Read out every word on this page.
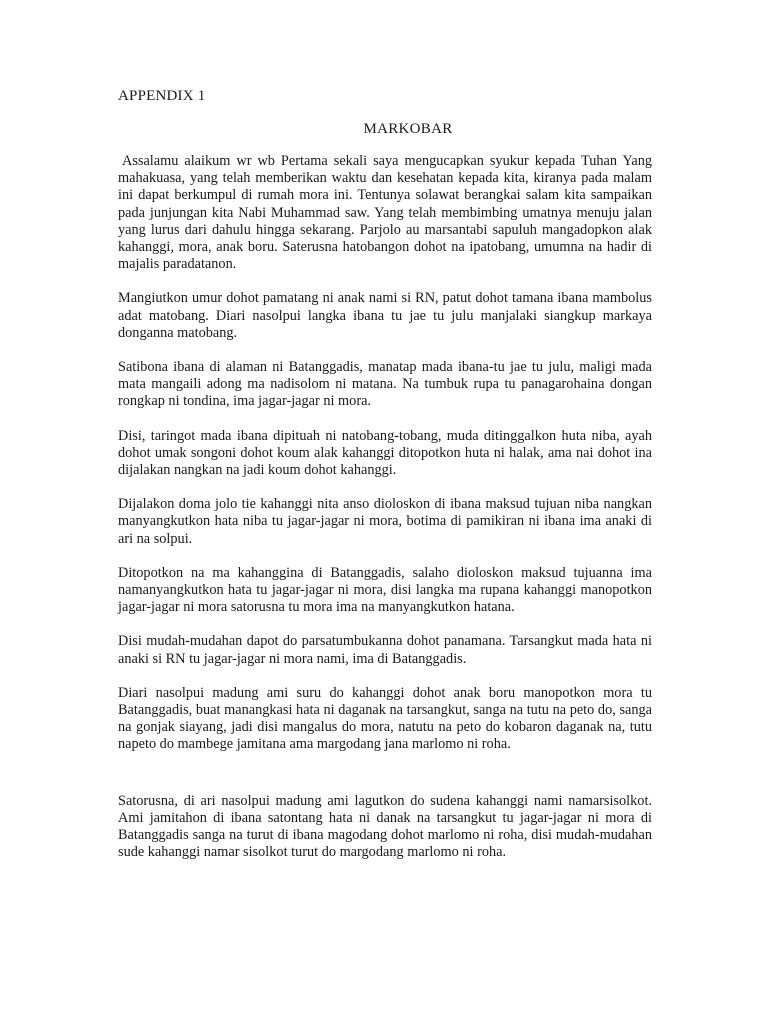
APPENDIX 1
MARKOBAR

Assalamu alaikum wr wb Pertama sekali saya mengucapkan syukur kepada Tuhan Yang mahakuasa, yang telah memberikan waktu dan kesehatan kepada kita, kiranya pada malam ini dapat berkumpul di rumah mora ini. Tentunya solawat berangkai salam kita sampaikan pada junjungan kita Nabi Muhammad saw. Yang telah membimbing umatnya menuju jalan yang lurus dari dahulu hingga sekarang. Parjolo au marsantabi sapuluh mangadopkon alak kahanggi, mora, anak boru. Saterusna hatobangon dohot na ipatobang, umumna na hadir di majalis paradatanon.

Mangiutkon umur dohot pamatang ni anak nami si RN, patut dohot tamana ibana mambolus adat matobang. Diari nasolpui langka ibana tu jae tu julu manjalaki siangkup markaya donganna matobang.

Satibona ibana di alaman ni Batanggadis, manatap mada ibana-tu jae tu julu, maligi mada mata mangaili adong ma nadisolom ni matana. Na tumbuk rupa tu panagarohaina dongan rongkap ni tondina, ima jagar-jagar ni mora.

Disi, taringot mada ibana dipituah ni natobang-tobang, muda ditinggalkon huta niba, ayah dohot umak songoni dohot koum alak kahanggi ditopotkon huta ni halak, ama nai dohot ina dijalakan nangkan na jadi koum dohot kahanggi.

Dijalakon doma jolo tie kahanggi nita anso dioloskon di ibana maksud tujuan niba nangkan manyangkutkon hata niba tu jagar-jagar ni mora, botima di pamikiran ni ibana ima anaki di ari na solpui.

Ditopotkon na ma kahanggina di Batanggadis, salaho dioloskon maksud tujuanna ima namanyangkutkon hata tu jagar-jagar ni mora, disi langka ma rupana kahanggi manopotkon jagar-jagar ni mora satorusna tu mora ima na manyangkutkon hatana.

Disi mudah-mudahan dapot do parsatumbukanna dohot panamana. Tarsangkut mada hata ni anaki si RN tu jagar-jagar ni mora nami, ima di Batanggadis.

Diari nasolpui madung ami suru do kahanggi dohot anak boru manopotkon mora tu Batanggadis, buat manangkasi hata ni daganak na tarsangkut, sanga na tutu na peto do, sanga na gonjak siayang, jadi disi mangalus do mora, natutu na peto do kobaron daganak na, tutu napeto do mambege jamitana ama margodang jana marlomo ni roha.

Satorusna, di ari nasolpui madung ami lagutkon do sudena kahanggi nami namarsisolkot. Ami jamitahon di ibana satontang hata ni danak na tarsangkut tu jagar-jagar ni mora di Batanggadis sanga na turut di ibana magodang dohot marlomo ni roha, disi mudah-mudahan sude kahanggi namar sisolkot turut do margodang marlomo ni roha.
